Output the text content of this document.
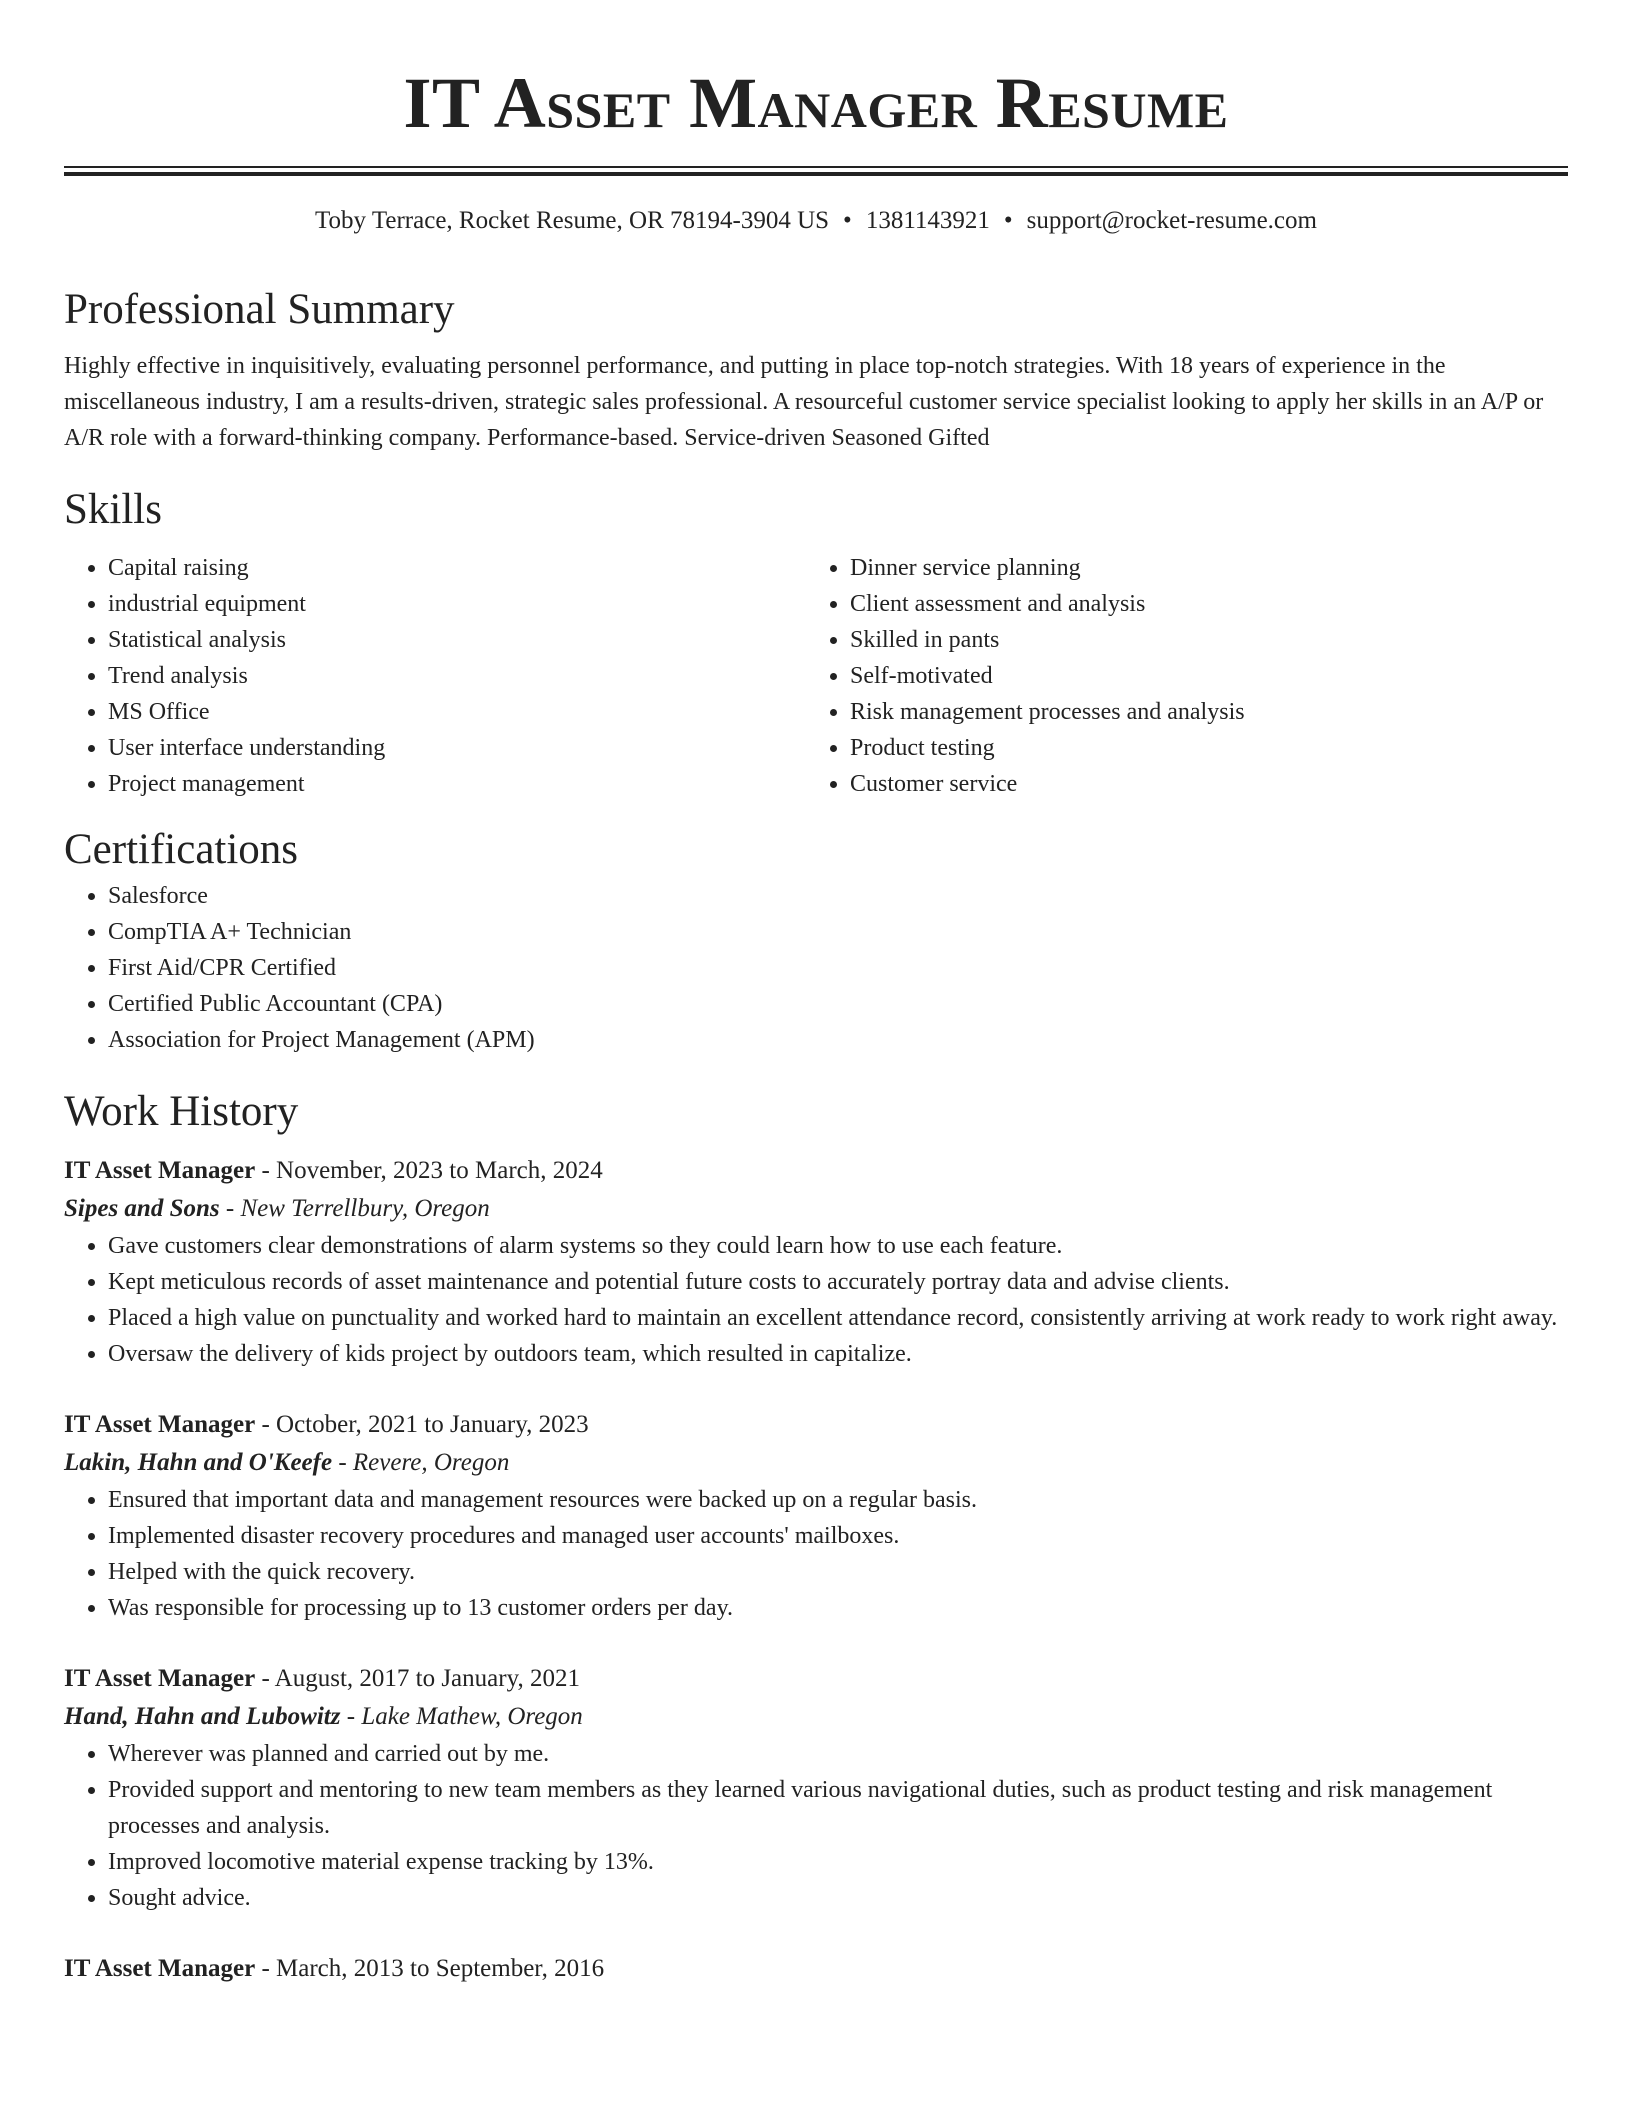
IT Asset Manager Resume
Toby Terrace, Rocket Resume, OR 78194-3904 US • 1381143921 • support@rocket-resume.com
Professional Summary

Highly effective in inquisitively, evaluating personnel performance, and putting in place top-notch strategies. With 18 years of experience in the miscellaneous industry, I am a results-driven, strategic sales professional. A resourceful customer service specialist looking to apply her skills in an A/P or A/R role with a forward-thinking company. Performance-based. Service-driven Seasoned Gifted

Skills
• Capital raising
• industrial equipment
• Statistical analysis
• Trend analysis
• MS Office
• User interface understanding
• Project management
• Dinner service planning
• Client assessment and analysis
• Skilled in pants
• Self-motivated
• Risk management processes and analysis
• Product testing
• Customer service
Certifications
• Salesforce
• CompTIA A+ Technician
• First Aid/CPR Certified
• Certified Public Accountant (CPA)
• Association for Project Management (APM)
Work History
IT Asset Manager - November, 2023 to March, 2024
Sipes and Sons - New Terrellbury, Oregon
• Gave customers clear demonstrations of alarm systems so they could learn how to use each feature.
• Kept meticulous records of asset maintenance and potential future costs to accurately portray data and advise clients.
• Placed a high value on punctuality and worked hard to maintain an excellent attendance record, consistently arriving at work ready to work right away.
• Oversaw the delivery of kids project by outdoors team, which resulted in capitalize.
IT Asset Manager - October, 2021 to January, 2023
Lakin, Hahn and O'Keefe - Revere, Oregon
• Ensured that important data and management resources were backed up on a regular basis.
• Implemented disaster recovery procedures and managed user accounts' mailboxes.
• Helped with the quick recovery.
• Was responsible for processing up to 13 customer orders per day.
IT Asset Manager - August, 2017 to January, 2021
Hand, Hahn and Lubowitz - Lake Mathew, Oregon
• Wherever was planned and carried out by me.
• Provided support and mentoring to new team members as they learned various navigational duties, such as product testing and risk management processes and analysis.
• Improved locomotive material expense tracking by 13%.
• Sought advice.
IT Asset Manager - March, 2013 to September, 2016
